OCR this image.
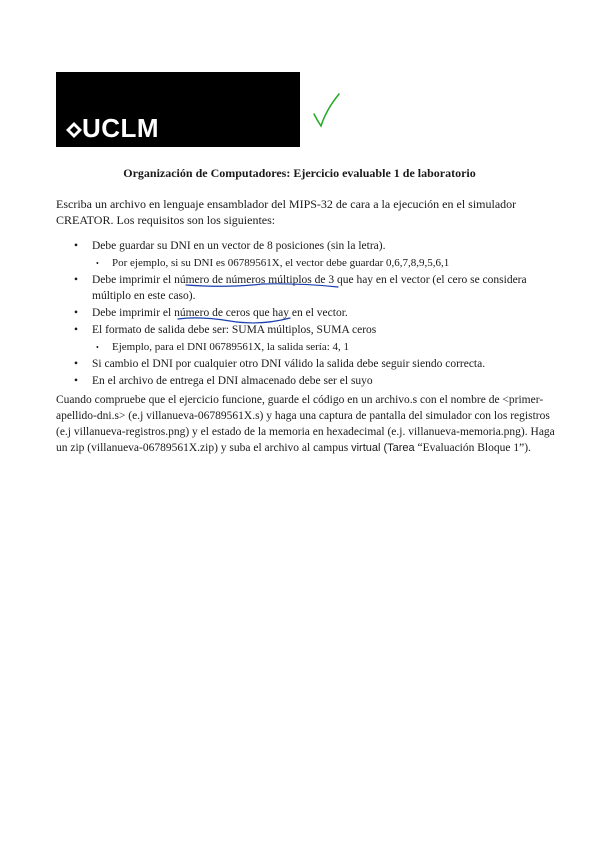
UCLM Universidad de
Castilla-La Mancha
Organización de Computadores: Ejercicio evaluable 1 de laboratorio
Escriba un archivo en lenguaje ensamblador del MIPS-32 de cara a la ejecución en el simulador CREATOR. Los requisitos son los siguientes:
• Debe guardar su DNI en un vector de 8 posiciones (sin la letra).
• Por ejemplo, si su DNI es 06789561X, el vector debe guardar 0,6,7,8,9,5,6,1
• Debe imprimir el número de números múltiplos de 3 que hay en el vector (el cero se considera múltiplo en este caso).
• Debe imprimir el número de ceros que hay en el vector.
• El formato de salida debe ser: SUMA múltiplos, SUMA ceros
• Ejemplo, para el DNI 06789561X, la salida sería: 4, 1
• Si cambio el DNI por cualquier otro DNI válido la salida debe seguir siendo correcta.
• En el archivo de entrega el DNI almacenado debe ser el suyo
Cuando compruebe que el ejercicio funcione, guarde el código en un archivo.s con el nombre de <primer-apellido-dni.s> (e.j villanueva-06789561X.s) y haga una captura de pantalla del simulador con los registros (e.j villanueva-registros.png) y el estado de la memoria en hexadecimal (e.j. villanueva-memoria.png). Haga un zip (villanueva-06789561X.zip) y suba el archivo al campus virtual (Tarea “Evaluación Bloque 1”).
